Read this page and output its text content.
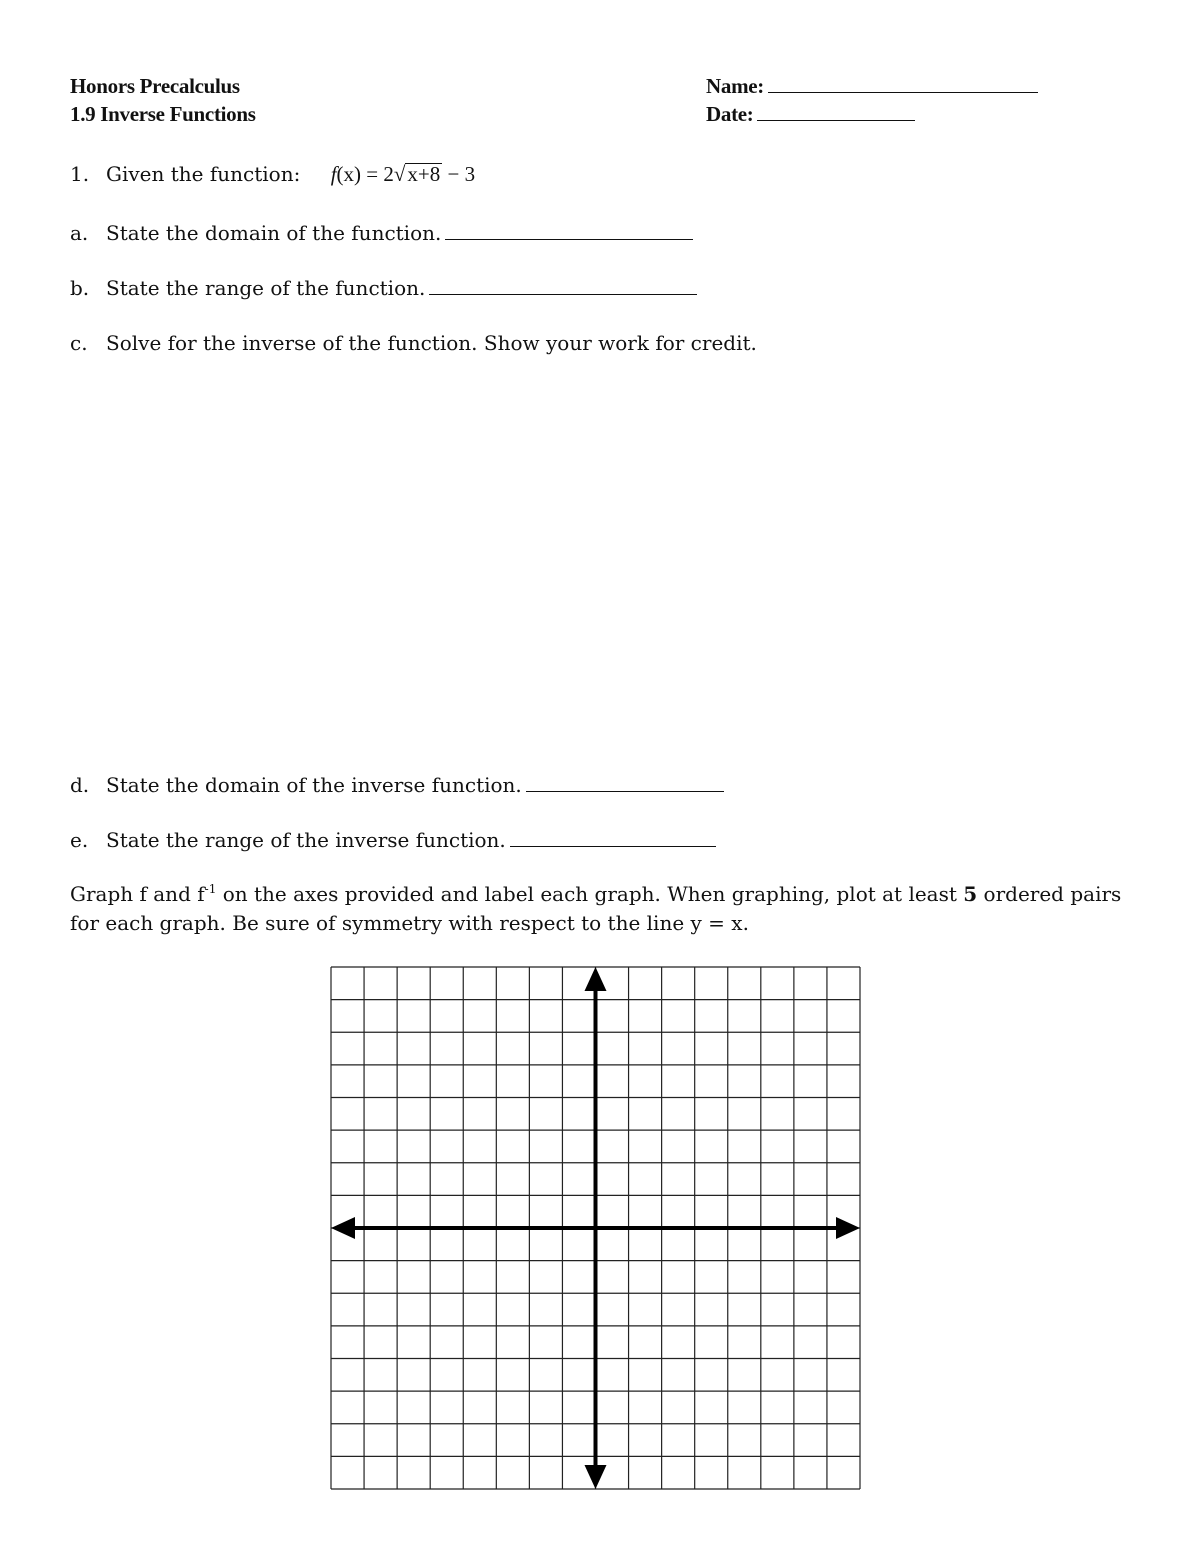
Honors Precalculus
1.9 Inverse Functions
Name:
Date:
1. Given the function: f(x) = 2√x+8 − 3
a. State the domain of the function.
b. State the range of the function.
c. Solve for the inverse of the function. Show your work for credit.
d. State the domain of the inverse function.
e. State the range of the inverse function.
Graph f and $f^{-1}$ on the axes provided and label each graph. When graphing, plot at least 5 ordered pairs for each graph. Be sure of symmetry with respect to the line y = x.
